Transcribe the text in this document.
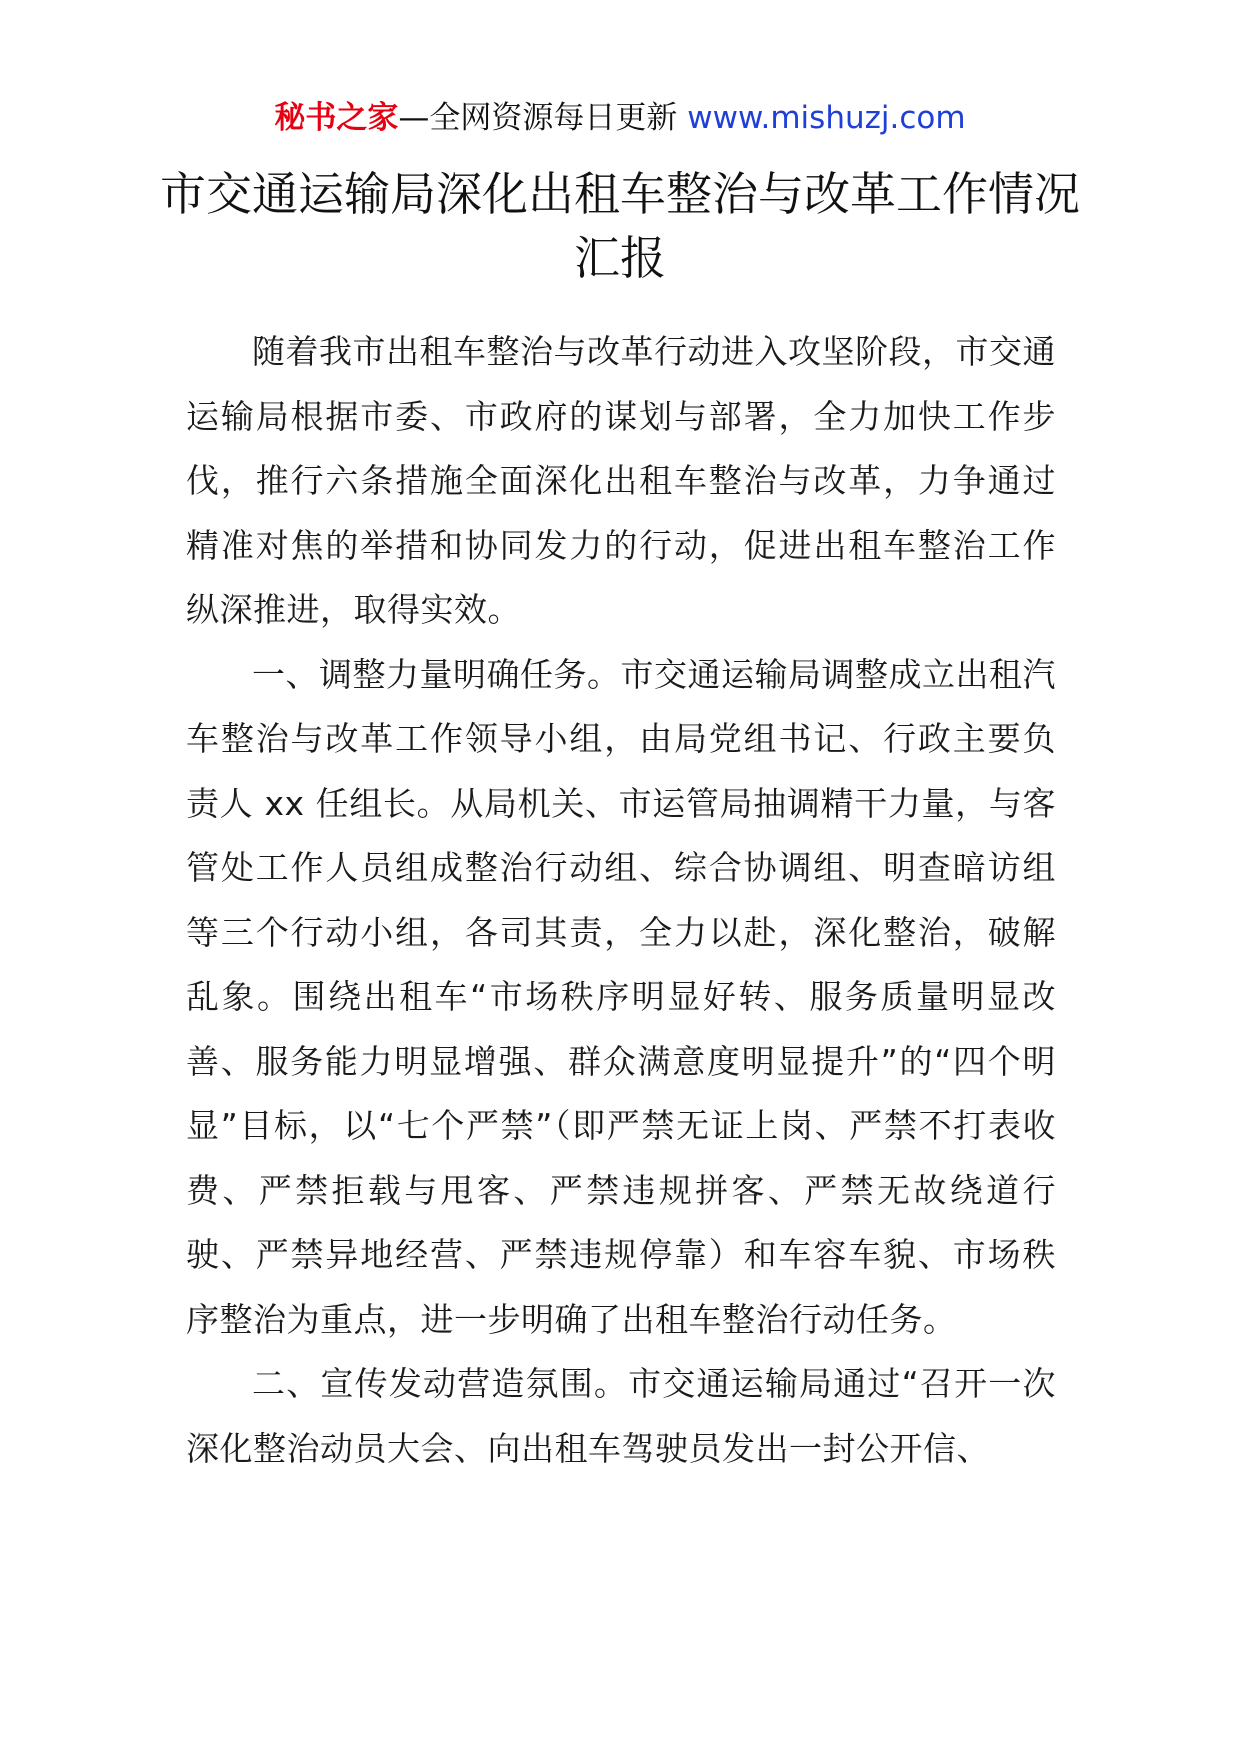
秘书之家—全网资源每日更新 www.mishuzj.com
市交通运输局深化出租车整治与改革工作情况汇报

随着我市出租车整治与改革行动进入攻坚阶段，市交通运输局根据市委、市政府的谋划与部署，全力加快工作步伐，推行六条措施全面深化出租车整治与改革，力争通过精准对焦的举措和协同发力的行动，促进出租车整治工作纵深推进，取得实效。

一、调整力量明确任务。市交通运输局调整成立出租汽车整治与改革工作领导小组，由局党组书记、行政主要负责人 xx 任组长。从局机关、市运管局抽调精干力量，与客管处工作人员组成整治行动组、综合协调组、明查暗访组等三个行动小组，各司其责，全力以赴，深化整治，破解乱象。围绕出租车“市场秩序明显好转、服务质量明显改善、服务能力明显增强、群众满意度明显提升”的“四个明显”目标，以“七个严禁”（即严禁无证上岗、严禁不打表收费、严禁拒载与甩客、严禁违规拼客、严禁无故绕道行驶、严禁异地经营、严禁违规停靠）和车容车貌、市场秩序整治为重点，进一步明确了出租车整治行动任务。

二、宣传发动营造氛围。市交通运输局通过“召开一次深化整治动员大会、向出租车驾驶员发出一封公开信、
